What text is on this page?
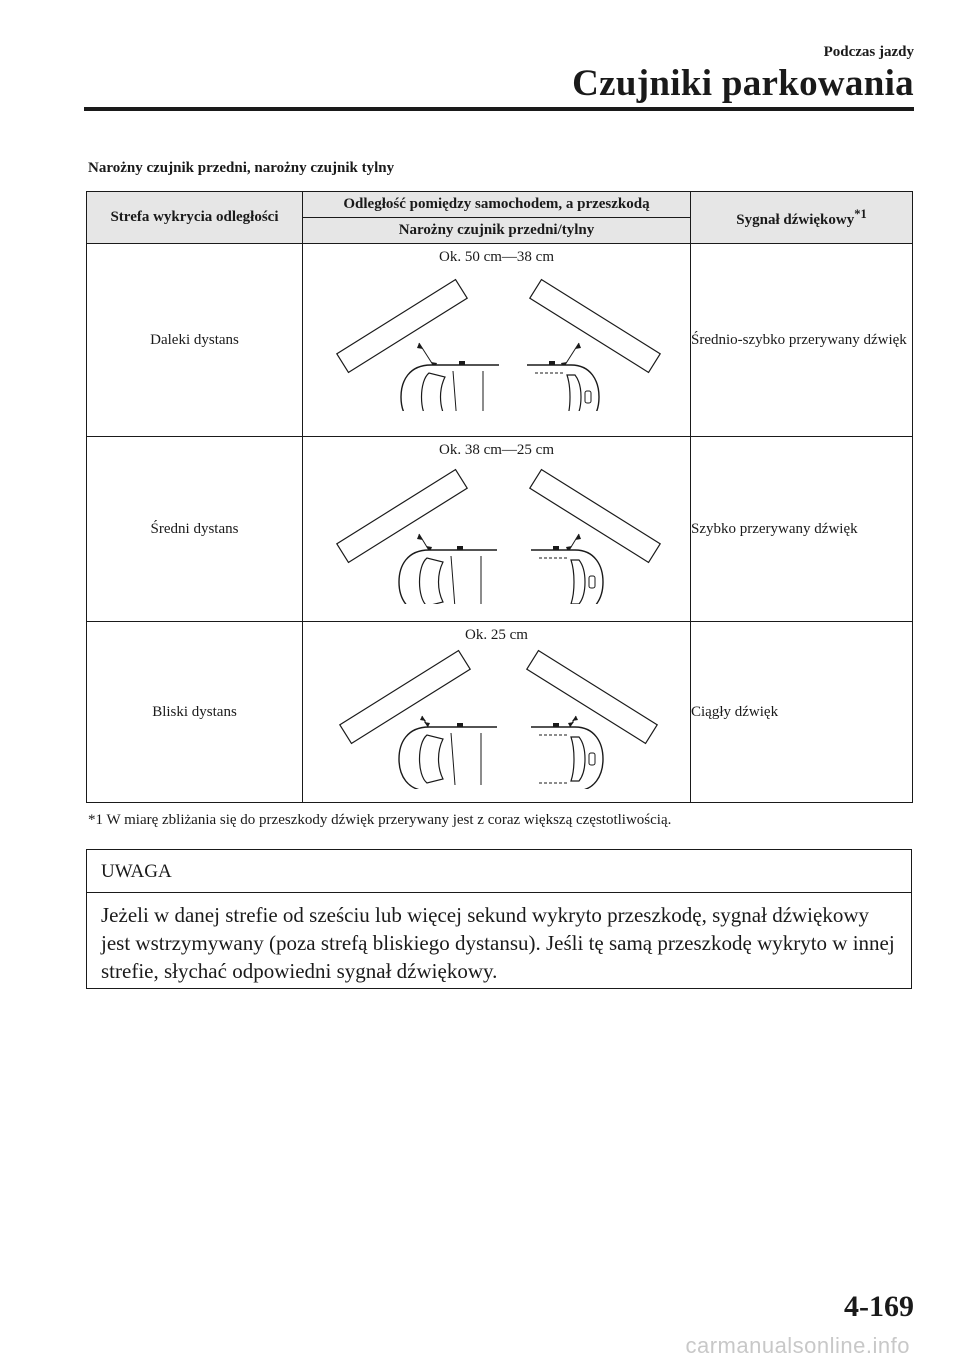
Podczas jazdy
Czujniki parkowania
Narożny czujnik przedni, narożny czujnik tylny
Strefa wykrycia odległości	Odległość pomiędzy samochodem, a przeszkodą	Sygnał dźwiękowy$^{*1}$
	Narożny czujnik przedni/tylny	
Daleki dystans	Ok. 50 cm―38 cm	Średnio-szybko przerywany dźwięk
Średni dystans	Ok. 38 cm―25 cm	Szybko przerywany dźwięk
Bliski dystans	Ok. 25 cm	Ciągły dźwięk
*1 W miarę zbliżania się do przeszkody dźwięk przerywany jest z coraz większą częstotliwością.
UWAGA
Jeżeli w danej strefie od sześciu lub więcej sekund wykryto przeszkodę, sygnał dźwiękowy jest wstrzymywany (poza strefą bliskiego dystansu). Jeśli tę samą przeszkodę wykryto w innej strefie, słychać odpowiedni sygnał dźwiękowy.
4-169
carmanualsonline.info
